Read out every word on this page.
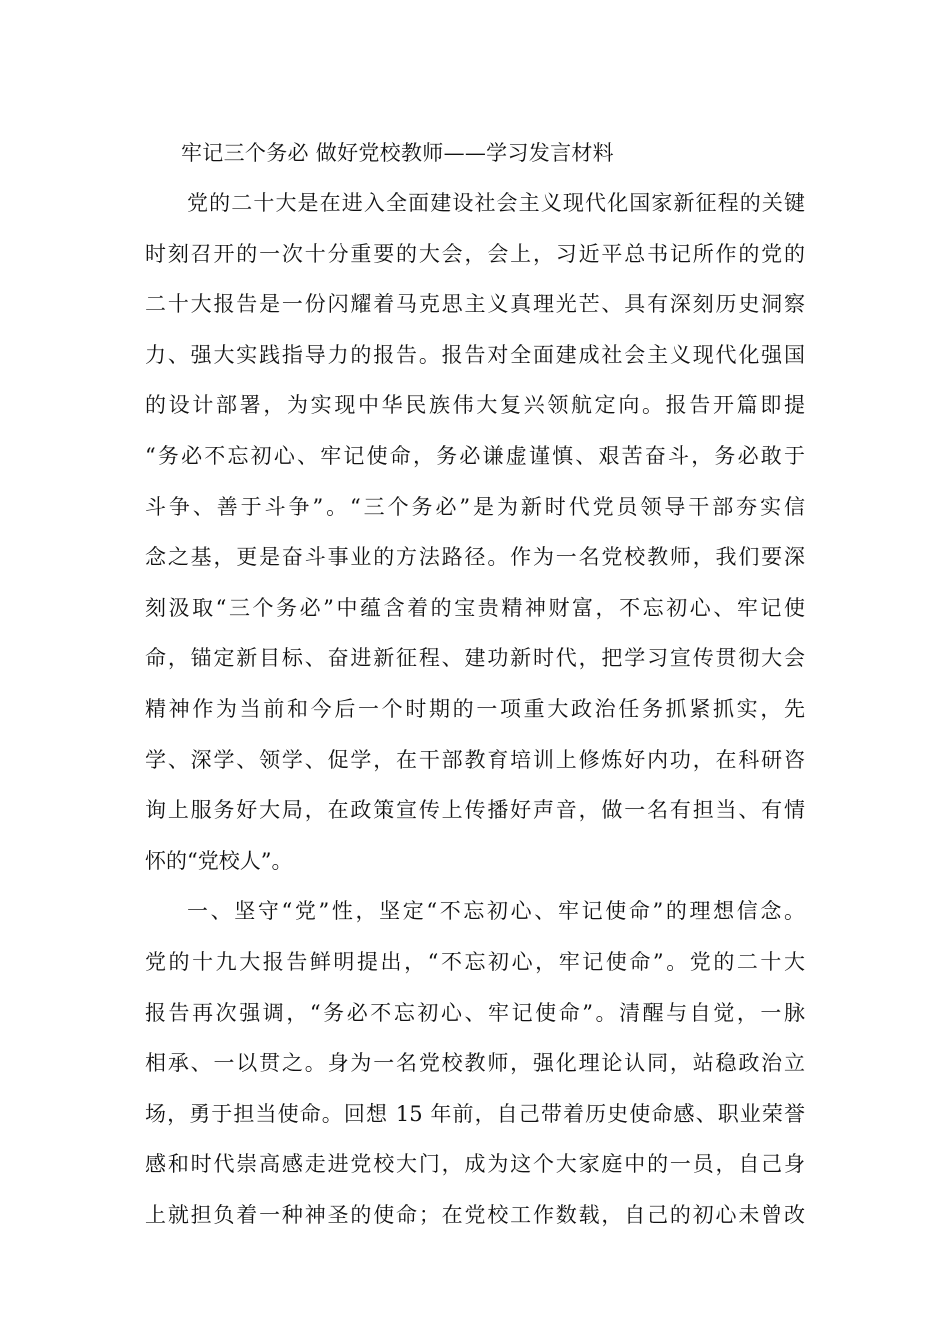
牢记三个务必 做好党校教师——学习发言材料
党的二十大是在进入全面建设社会主义现代化国家新征程的关键
时刻召开的一次十分重要的大会，会上，习近平总书记所作的党的
二十大报告是一份闪耀着马克思主义真理光芒、具有深刻历史洞察
力、强大实践指导力的报告。报告对全面建成社会主义现代化强国
的设计部署，为实现中华民族伟大复兴领航定向。报告开篇即提
“务必不忘初心、牢记使命，务必谦虚谨慎、艰苦奋斗，务必敢于
斗争、善于斗争”。“三个务必”是为新时代党员领导干部夯实信
念之基，更是奋斗事业的方法路径。作为一名党校教师，我们要深
刻汲取“三个务必”中蕴含着的宝贵精神财富，不忘初心、牢记使
命，锚定新目标、奋进新征程、建功新时代，把学习宣传贯彻大会
精神作为当前和今后一个时期的一项重大政治任务抓紧抓实，先
学、深学、领学、促学，在干部教育培训上修炼好内功，在科研咨
询上服务好大局，在政策宣传上传播好声音，做一名有担当、有情
怀的“党校人”。
一、坚守“党”性，坚定“不忘初心、牢记使命”的理想信念。
党的十九大报告鲜明提出，“不忘初心，牢记使命”。党的二十大
报告再次强调，“务必不忘初心、牢记使命”。清醒与自觉，一脉
相承、一以贯之。身为一名党校教师，强化理论认同，站稳政治立
场，勇于担当使命。回想 15 年前，自己带着历史使命感、职业荣誉
感和时代崇高感走进党校大门，成为这个大家庭中的一员，自己身
上就担负着一种神圣的使命；在党校工作数载，自己的初心未曾改
